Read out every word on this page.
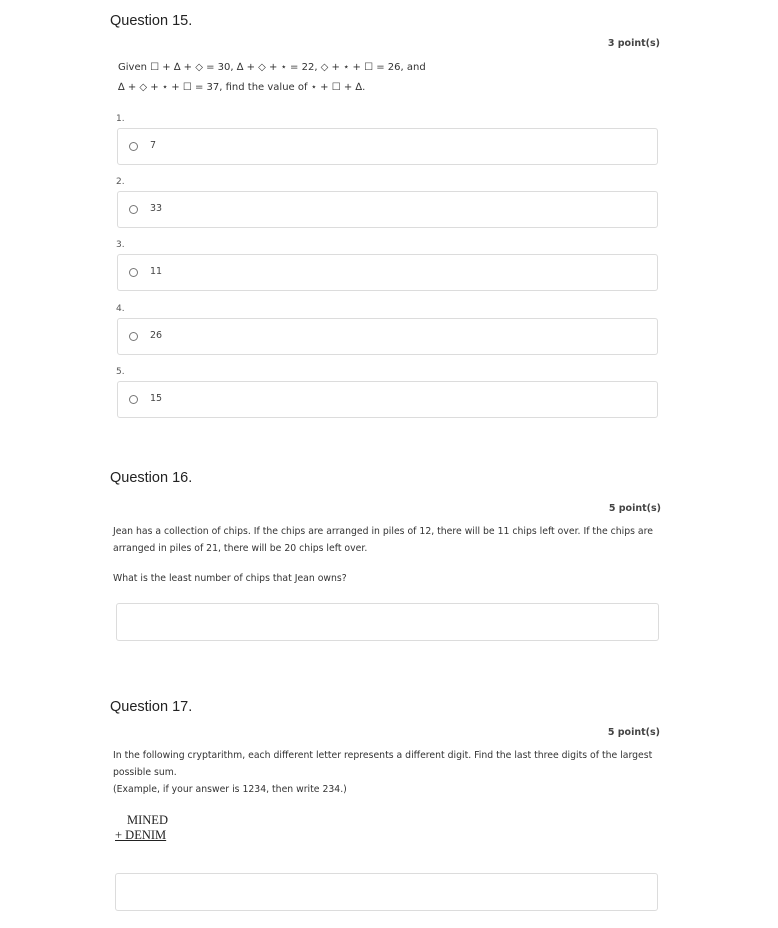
Question 15.
3 point(s)
Given ☐ + ∆ + ◇ = 30, ∆ + ◇ + ⋆ = 22, ◇ + ⋆ + ☐ = 26, and
∆ + ◇ + ⋆ + ☐ = 37, find the value of ⋆ + ☐ + ∆.
1.
7
2.
33
3.
11
4.
26
5.
15
Question 16.
5 point(s)
Jean has a collection of chips. If the chips are arranged in piles of 12, there will be 11 chips left over. If the chips are
arranged in piles of 21, there will be 20 chips left over.
What is the least number of chips that Jean owns?
Question 17.
5 point(s)
In the following cryptarithm, each different letter represents a different digit. Find the last three digits of the largest
possible sum.
(Example, if your answer is 1234, then write 234.)
MINED
+ DENIM
